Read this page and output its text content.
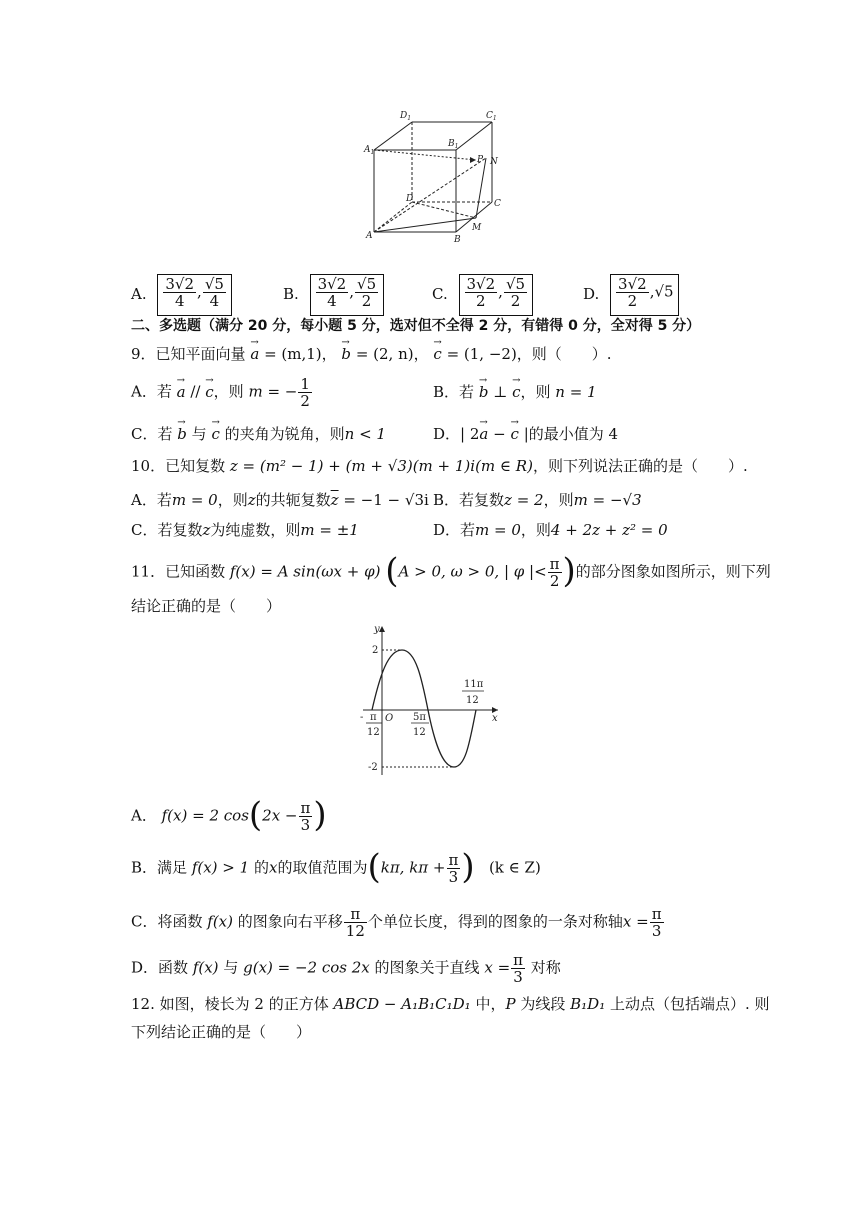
$D_1$	$C_1$
$A_1$
$B_1$
P N
D	C
A	B
M
A. $\frac{3√2}{4}$ , $\frac{√5}{4}$	B. $\frac{3√2}{4}$ , $\frac{√5}{2}$	C. $\frac{3√2}{2}$ , $\frac{√5}{2}$	D. $\frac{3√2}{2} ,√5$
二、多选题（满分 20 分，每小题 5 分，选对但不全得 2 分，有错得 0 分，全对得 5 分）
9．已知平面向量 → a = (m,1)， → b = (2, n)， → c = (1, −2)，则（　　）.
A．若 → a // → c，则 m = − $\frac{1}{2}$	B．若 → b ⊥ → c，则 n = 1
C．若 → b 与 → c 的夹角为锐角，则n < 1	D．| 2→ a − → c |的最小值为 4
10．已知复数 z = (m² − 1) + (m + √3)(m + 1)i(m ∈ R)，则下列说法正确的是（　　）.
A．若m = 0，则z的共轭复数$\overline{z} = -1 - √3i$ B．若复数z = 2，则m = −√3
C．若复数z为纯虚数，则m = ±1	D．若m = 0，则4 + 2z + z² = 0
11．已知函数 f(x) = A sin(ωx + φ) (A > 0, ω > 0, | φ |< $\frac{\pi}{2}$ )的部分图象如图所示，则下列
结论正确的是（　　）
y
x
O
2
-2
- π
12
5π
12
11π
12
A． f(x) = 2 $\cos(2x - \frac{\pi}{3}$ )
B．满足 f(x) > 1 的x的取值范围为(kπ, $k\pi + \frac{\pi}{3}$ ) (k ∈ Z)
C．将函数 f(x) 的图象向右平移 $\frac{\pi}{12}$ 个单位长度，得到的图象的一条对称轴$x = \frac{\pi}{3}$
D．函数 f(x) 与 g(x) = −2 cos 2x 的图象关于直线 $x = \frac{\pi}{3}$ 对称
12. 如图，棱长为 2 的正方体 ABCD − A₁B₁C₁D₁ 中，P 为线段 B₁D₁ 上动点（包括端点）. 则
下列结论正确的是（　　）
